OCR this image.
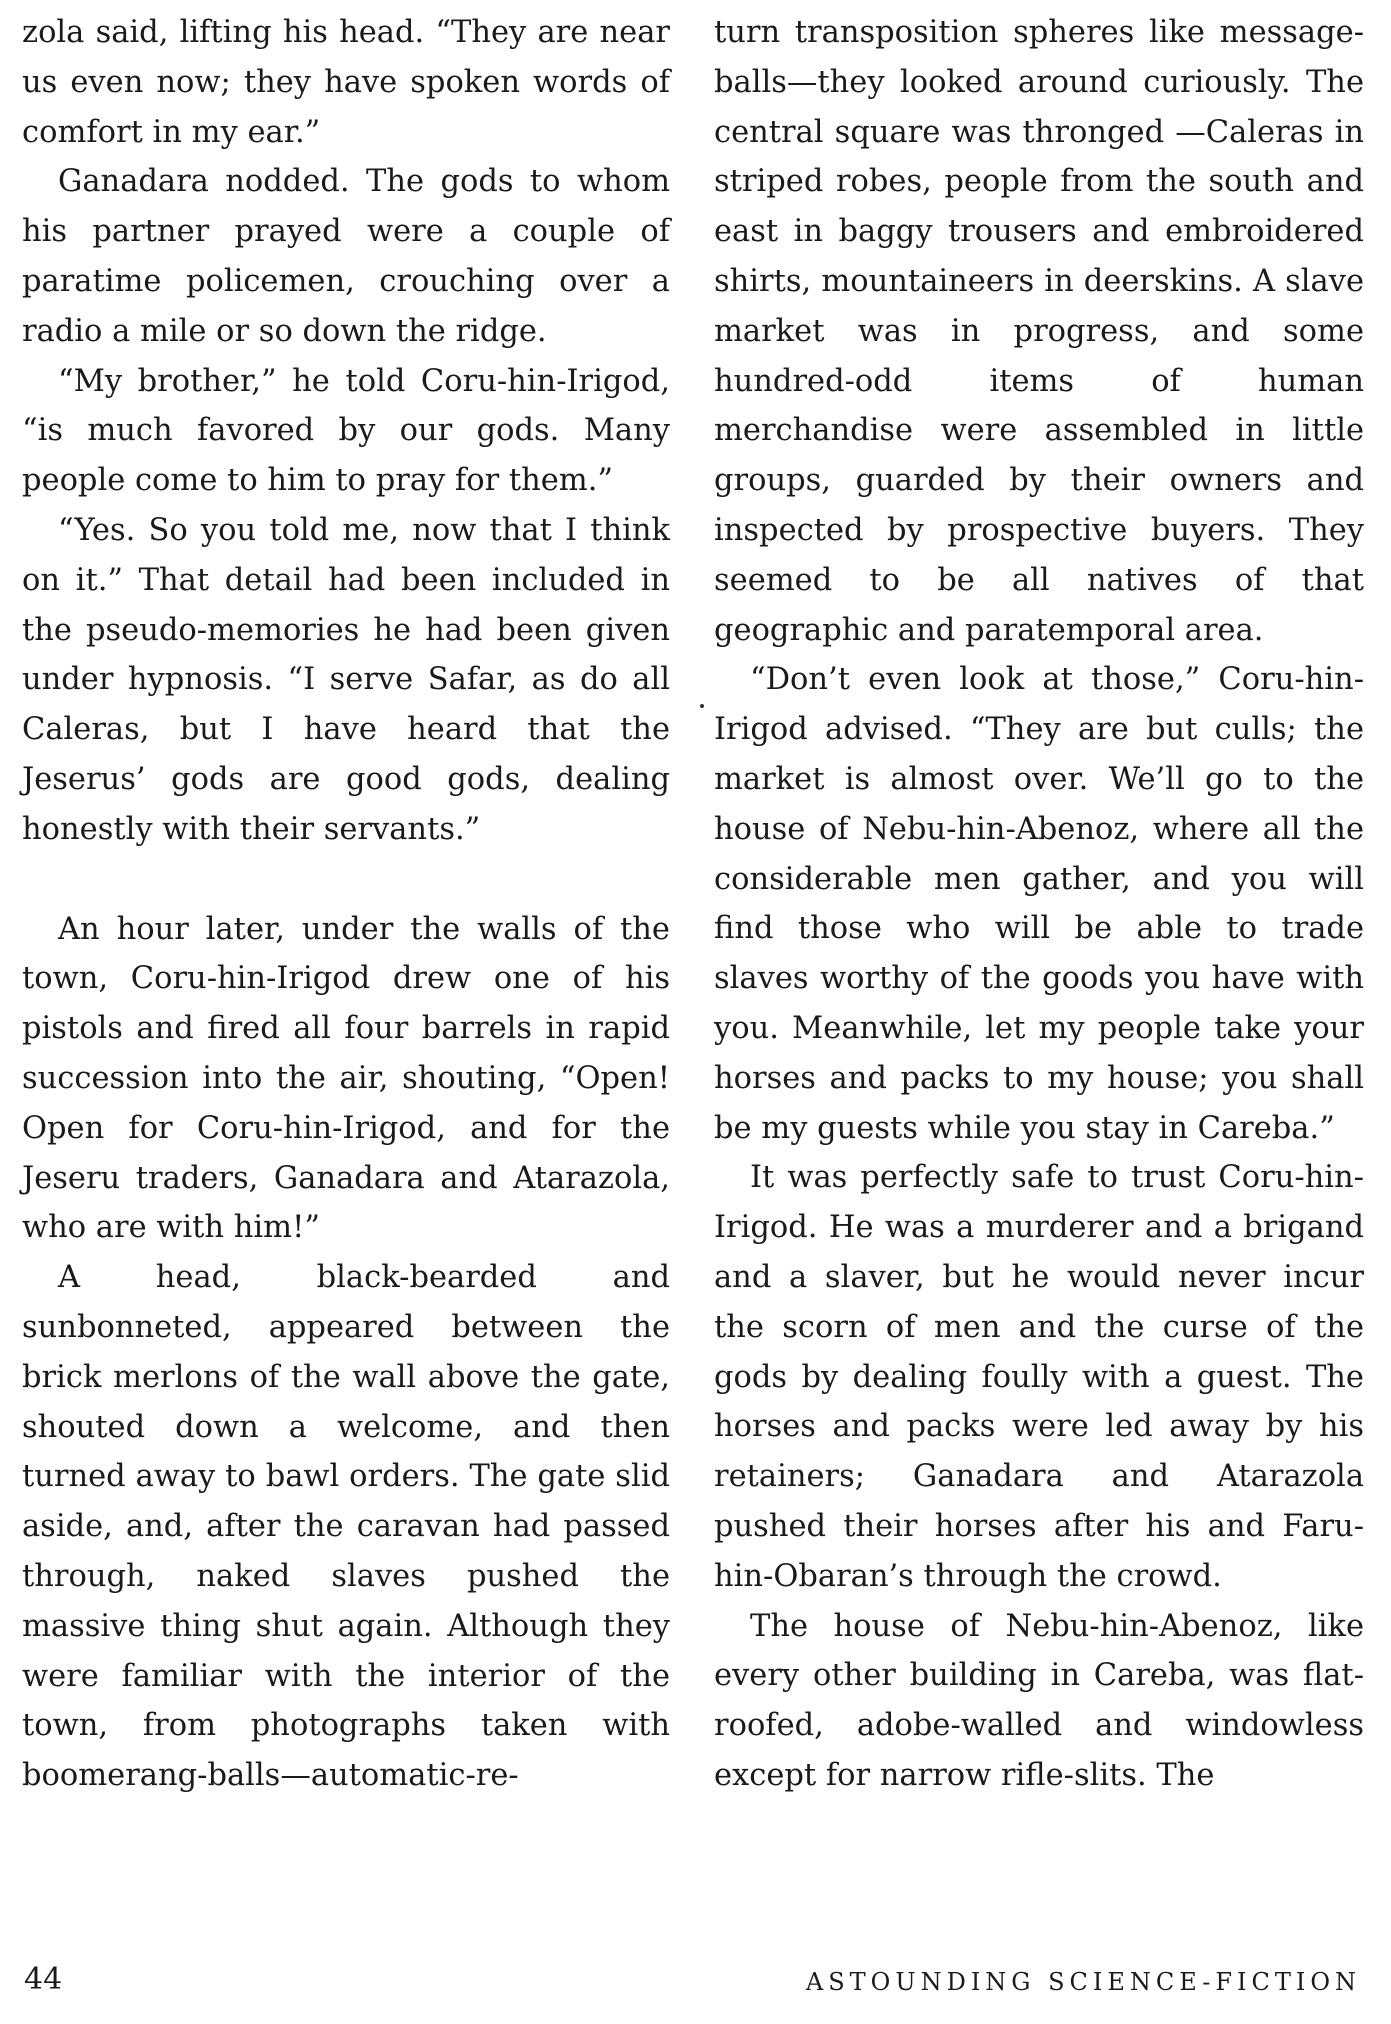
zola said, lifting his head. “They are near us even now; they have spoken words of comfort in my ear.”

Ganadara nodded. The gods to whom his partner prayed were a couple of paratime policemen, crouching over a radio a mile or so down the ridge.

“My brother,” he told Coru-hin-Irigod, “is much favored by our gods. Many people come to him to pray for them.”

“Yes. So you told me, now that I think on it.” That detail had been included in the pseudo-memories he had been given under hypnosis. “I serve Safar, as do all Caleras, but I have heard that the Jeserus’ gods are good gods, dealing honestly with their servants.”

An hour later, under the walls of the town, Coru-hin-Irigod drew one of his pistols and fired all four barrels in rapid succession into the air, shouting, “Open! Open for Coru-hin-Irigod, and for the Jeseru traders, Ganadara and Atarazola, who are with him!”

A head, black-bearded and sunbonneted, appeared between the brick merlons of the wall above the gate, shouted down a welcome, and then turned away to bawl orders. The gate slid aside, and, after the caravan had passed through, naked slaves pushed the massive thing shut again. Although they were familiar with the interior of the town, from photographs taken with boomerang-balls—automatic-re-

turn transposition spheres like message-balls—they looked around curiously. The central square was thronged —Caleras in striped robes, people from the south and east in baggy trousers and embroidered shirts, mountaineers in deerskins. A slave market was in progress, and some hundred-odd items of human merchandise were assembled in little groups, guarded by their owners and inspected by prospective buyers. They seemed to be all natives of that geographic and paratemporal area.

“Don’t even look at those,” Coru-hin-Irigod advised. “They are but culls; the market is almost over. We’ll go to the house of Nebu-hin-Abenoz, where all the considerable men gather, and you will find those who will be able to trade slaves worthy of the goods you have with you. Meanwhile, let my people take your horses and packs to my house; you shall be my guests while you stay in Careba.”

It was perfectly safe to trust Coru-hin-Irigod. He was a murderer and a brigand and a slaver, but he would never incur the scorn of men and the curse of the gods by dealing foully with a guest. The horses and packs were led away by his retainers; Ganadara and Atarazola pushed their horses after his and Faru-hin-Obaran’s through the crowd.

The house of Nebu-hin-Abenoz, like every other building in Careba, was flat-roofed, adobe-walled and windowless except for narrow rifle-slits. The

44	ASTOUNDING SCIENCE-FICTION
